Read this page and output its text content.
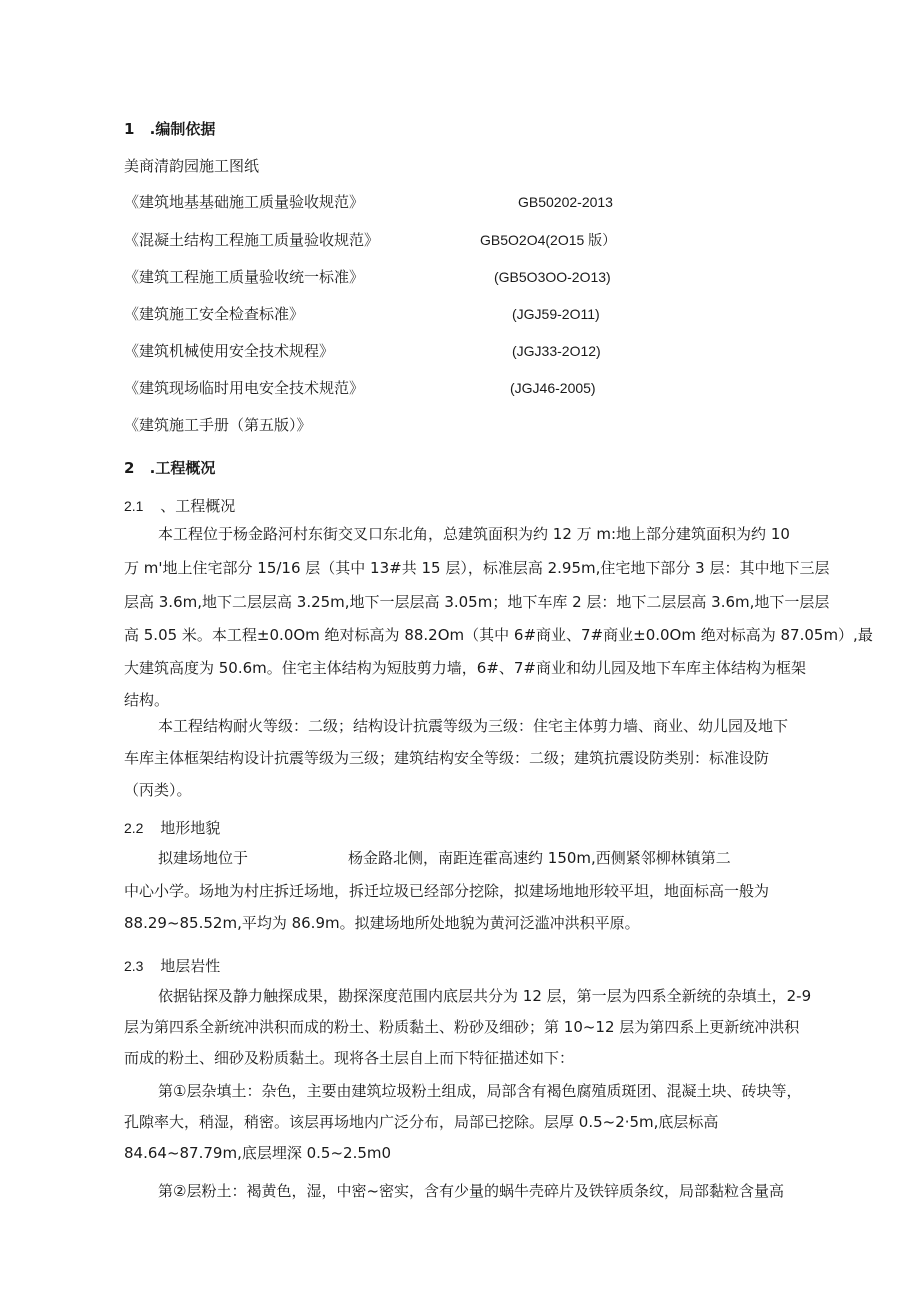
1 .编制依据
美商清韵园施工图纸
《建筑地基基础施工质量验收规范》	GB50202-2013
《混凝土结构工程施工质量验收规范》	GB5O2O4(2O15 版）
《建筑工程施工质量验收统一标准》	(GB5O3OO-2O13)
《建筑施工安全检查标准》	(JGJ59-2O11)
《建筑机械使用安全技术规程》	(JGJ33-2O12)
《建筑现场临时用电安全技术规范》	(JGJ46-2005)
《建筑施工手册（第五版）》
2 .工程概况
2.1 、工程概况
本工程位于杨金路河村东街交叉口东北角，总建筑面积为约 12 万 m:地上部分建筑面积为约 10
万 m'地上住宅部分 15/16 层（其中 13#共 15 层），标准层高 2.95m,住宅地下部分 3 层：其中地下三层
层高 3.6m,地下二层层高 3.25m,地下一层层高 3.05m；地下车库 2 层：地下二层层高 3.6m,地下一层层
高 5.05 米。本工程±0.0Om 绝对标高为 88.2Om（其中 6#商业、7#商业±0.0Om 绝对标高为 87.05m）,最
大建筑高度为 50.6m。住宅主体结构为短肢剪力墙，6#、7#商业和幼儿园及地下车库主体结构为框架
结构。
本工程结构耐火等级：二级；结构设计抗震等级为三级：住宅主体剪力墙、商业、幼儿园及地下
车库主体框架结构设计抗震等级为三级；建筑结构安全等级：二级；建筑抗震设防类别：标准设防
（丙类）。
2.2 地形地貌
拟建场地位于	杨金路北侧，南距连霍高速约 150m,西侧紧邻柳林镇第二
中心小学。场地为村庄拆迁场地，拆迁垃圾已经部分挖除，拟建场地地形较平坦，地面标高一般为
88.29~85.52m,平均为 86.9m。拟建场地所处地貌为黄河泛滥冲洪积平原。
2.3 地层岩性
依据钻探及静力触探成果，勘探深度范围内底层共分为 12 层，第一层为四系全新统的杂填土，2-9
层为第四系全新统冲洪积而成的粉土、粉质黏土、粉砂及细砂；第 10~12 层为第四系上更新统冲洪积
而成的粉土、细砂及粉质黏土。现将各土层自上而下特征描述如下：
第①层杂填土：杂色，主要由建筑垃圾粉土组成，局部含有褐色腐殖质斑团、混凝土块、砖块等，
孔隙率大，稍湿，稍密。该层再场地内广泛分布，局部已挖除。层厚 0.5~2·5m,底层标高
84.64~87.79m,底层埋深 0.5~2.5m0
第②层粉土：褐黄色，湿，中密~密实，含有少量的蜗牛壳碎片及铁锌质条纹，局部黏粒含量高
